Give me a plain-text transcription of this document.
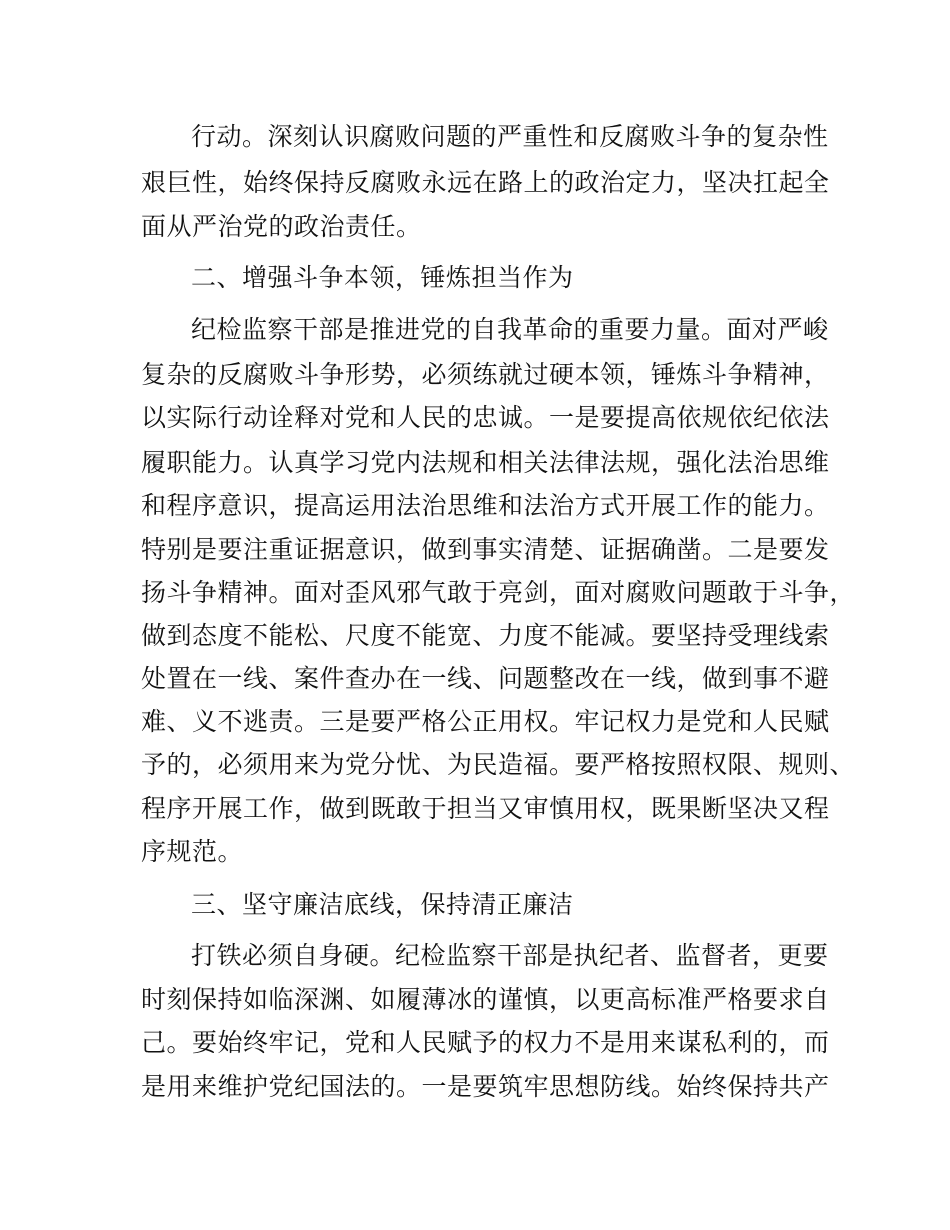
行动。深刻认识腐败问题的严重性和反腐败斗争的复杂性
艰巨性，始终保持反腐败永远在路上的政治定力，坚决扛起全
面从严治党的政治责任。
二、增强斗争本领，锤炼担当作为
纪检监察干部是推进党的自我革命的重要力量。面对严峻
复杂的反腐败斗争形势，必须练就过硬本领，锤炼斗争精神，
以实际行动诠释对党和人民的忠诚。一是要提高依规依纪依法
履职能力。认真学习党内法规和相关法律法规，强化法治思维
和程序意识，提高运用法治思维和法治方式开展工作的能力。
特别是要注重证据意识，做到事实清楚、证据确凿。二是要发
扬斗争精神。面对歪风邪气敢于亮剑，面对腐败问题敢于斗争，
做到态度不能松、尺度不能宽、力度不能减。要坚持受理线索
处置在一线、案件查办在一线、问题整改在一线，做到事不避
难、义不逃责。三是要严格公正用权。牢记权力是党和人民赋
予的，必须用来为党分忧、为民造福。要严格按照权限、规则、
程序开展工作，做到既敢于担当又审慎用权，既果断坚决又程
序规范。
三、坚守廉洁底线，保持清正廉洁
打铁必须自身硬。纪检监察干部是执纪者、监督者，更要
时刻保持如临深渊、如履薄冰的谨慎，以更高标准严格要求自
己。要始终牢记，党和人民赋予的权力不是用来谋私利的，而
是用来维护党纪国法的。一是要筑牢思想防线。始终保持共产
